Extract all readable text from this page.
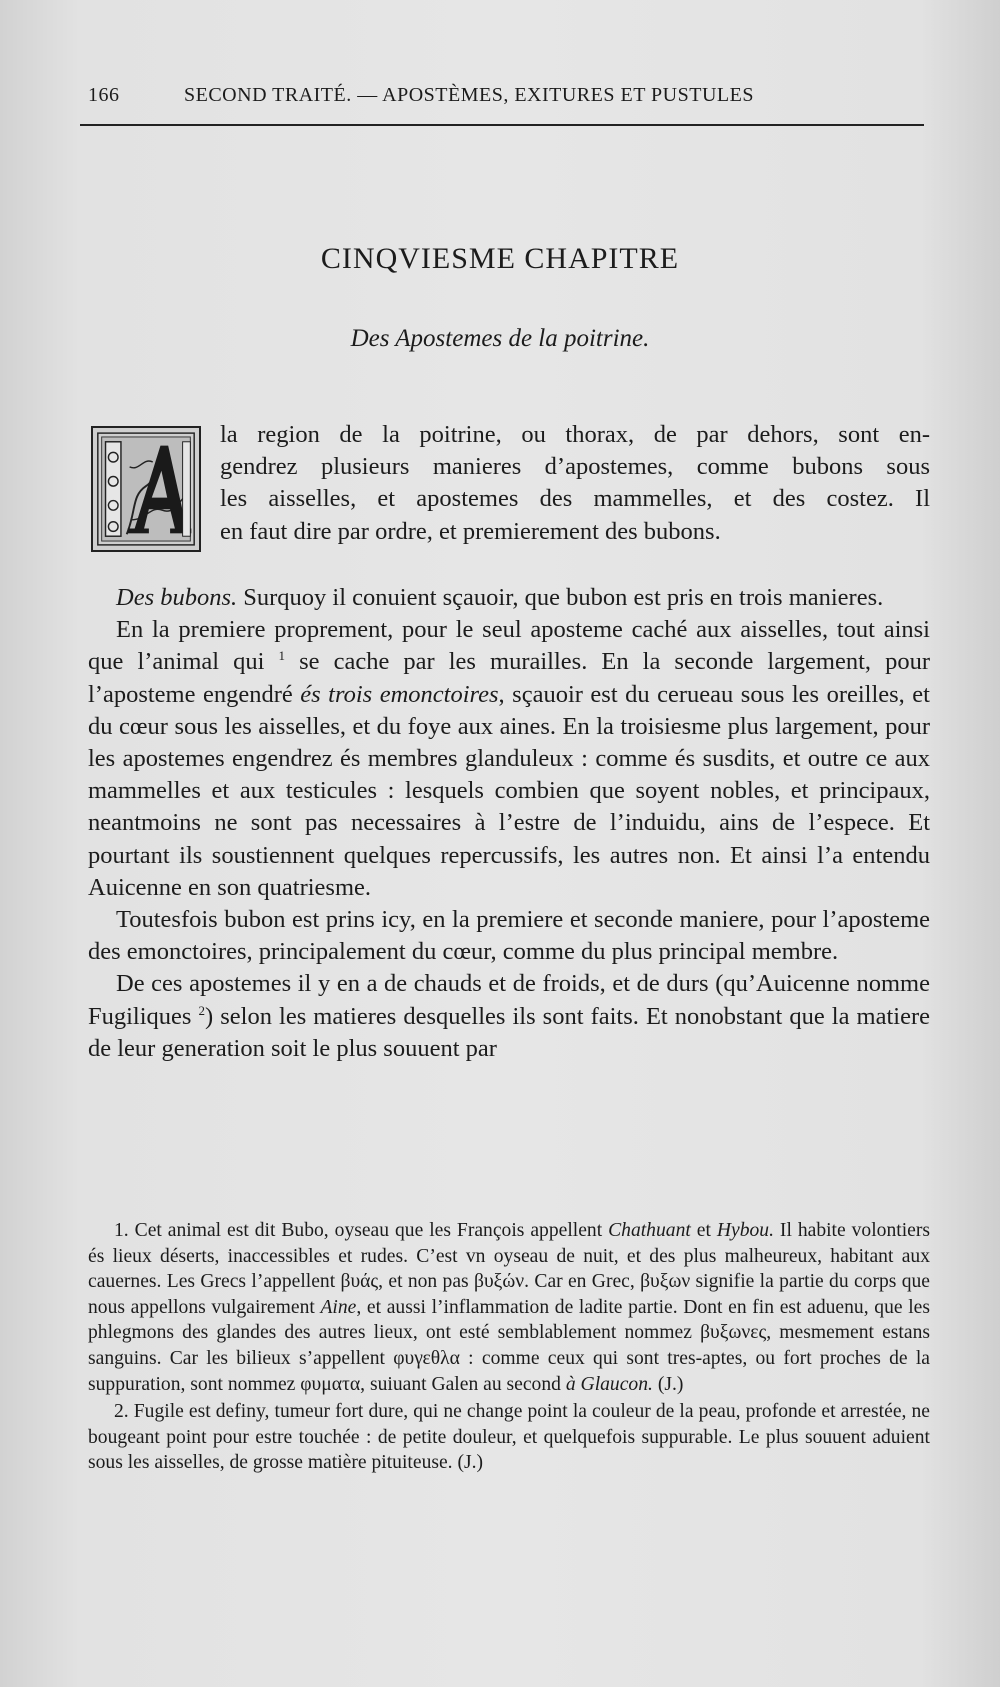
166	SECOND TRAITÉ. — APOSTÈMES, EXITURES ET PUSTULES
CINQVIESME CHAPITRE
Des Apostemes de la poitrine.
la region de la poitrine, ou thorax, de par dehors, sont en-
gendrez plusieurs manieres d’apostemes, comme bubons sous
les aisselles, et apostemes des mammelles, et des costez. Il
en faut dire par ordre, et premierement des bubons.

Des bubons. Surquoy il conuient sçauoir, que bubon est pris en trois manieres.

En la premiere proprement, pour le seul aposteme caché aux aisselles, tout ainsi que l’animal qui $^1$ se cache par les murailles. En la seconde largement, pour l’aposteme engendré és trois emonctoires, sçauoir est du cerueau sous les oreilles, et du cœur sous les aisselles, et du foye aux aines. En la troisiesme plus largement, pour les apostemes engendrez és membres glanduleux : comme és susdits, et outre ce aux mammelles et aux testicules : lesquels combien que soyent nobles, et principaux, neantmoins ne sont pas necessaires à l’estre de l’induidu, ains de l’espece. Et pourtant ils soustiennent quelques repercussifs, les autres non. Et ainsi l’a entendu Auicenne en son quatriesme.

Toutesfois bubon est prins icy, en la premiere et seconde maniere, pour l’aposteme des emonctoires, principalement du cœur, comme du plus principal membre.

De ces apostemes il y en a de chauds et de froids, et de durs (qu’Auicenne nomme Fugiliques $^2$) selon les matieres desquelles ils sont faits. Et nonobstant que la matiere de leur generation soit le plus souuent par

1. Cet animal est dit Bubo, oyseau que les François appellent Chathuant et Hybou. Il habite volontiers és lieux déserts, inaccessibles et rudes. C’est vn oyseau de nuit, et des plus malheureux, habitant aux cauernes. Les Grecs l’appellent βυάς, et non pas βυξών. Car en Grec, βυξων signifie la partie du corps que nous appellons vulgairement Aine, et aussi l’inflammation de ladite partie. Dont en fin est aduenu, que les phlegmons des glandes des autres lieux, ont esté semblablement nommez βυξωνες, mesmement estans sanguins. Car les bilieux s’appellent φυγεθλα : comme ceux qui sont tres-aptes, ou fort proches de la suppuration, sont nommez φυματα, suiuant Galen au second à Glaucon. (J.)

2. Fugile est definy, tumeur fort dure, qui ne change point la couleur de la peau, profonde et arrestée, ne bougeant point pour estre touchée : de petite douleur, et quelquefois suppurable. Le plus souuent aduient sous les aisselles, de grosse matière pituiteuse. (J.)
